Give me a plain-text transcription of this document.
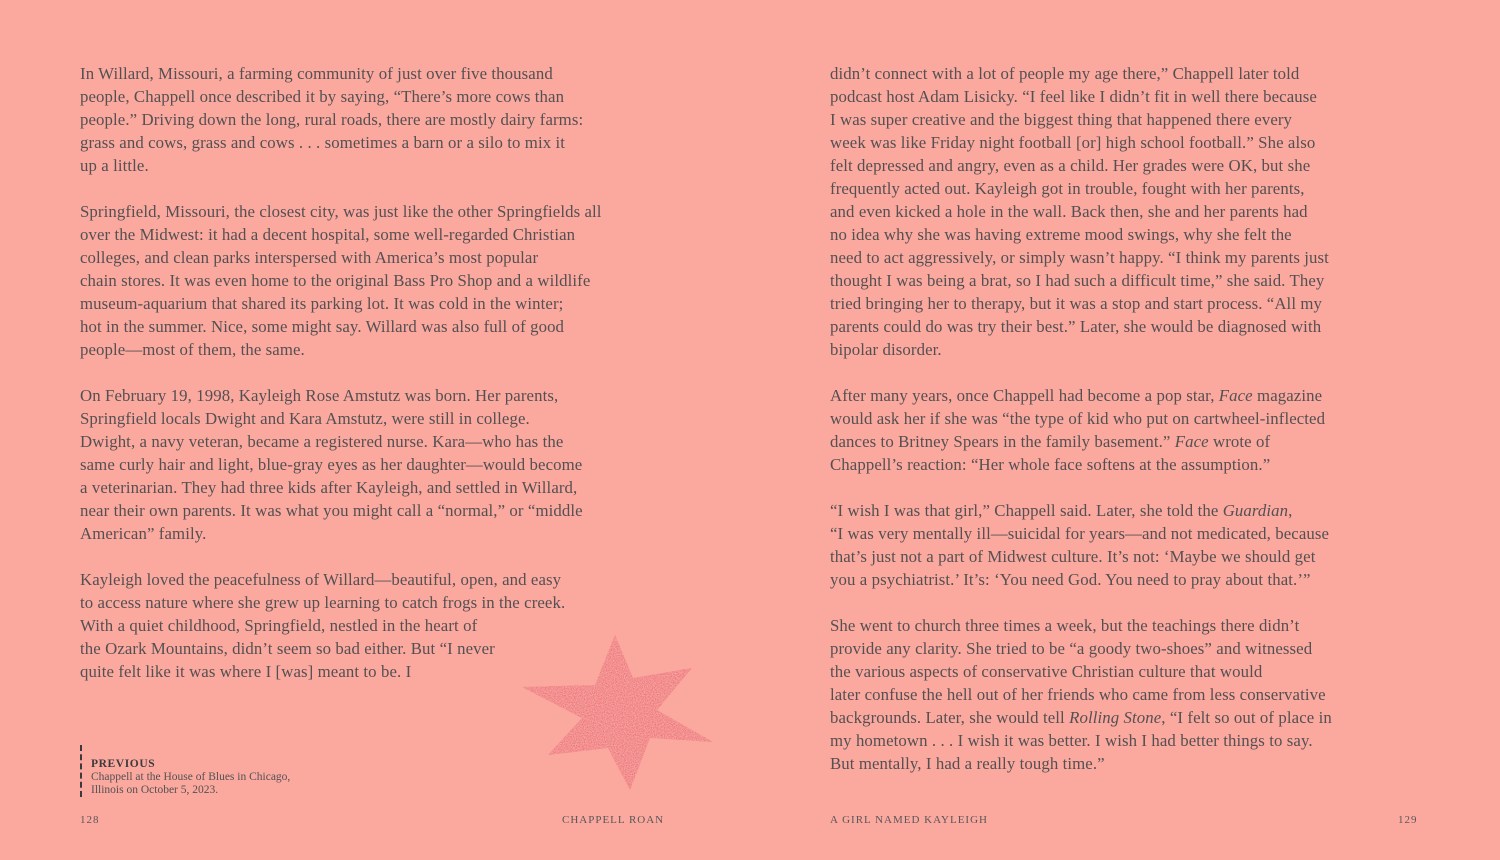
In Willard, Missouri, a farming community of just over five thousand
people, Chappell once described it by saying, “There’s more cows than
people.” Driving down the long, rural roads, there are mostly dairy farms:
grass and cows, grass and cows . . . sometimes a barn or a silo to mix it
up a little.

Springfield, Missouri, the closest city, was just like the other Springfields all
over the Midwest: it had a decent hospital, some well-regarded Christian
colleges, and clean parks interspersed with America’s most popular
chain stores. It was even home to the original Bass Pro Shop and a wildlife
museum-aquarium that shared its parking lot. It was cold in the winter;
hot in the summer. Nice, some might say. Willard was also full of good
people—most of them, the same.

On February 19, 1998, Kayleigh Rose Amstutz was born. Her parents,
Springfield locals Dwight and Kara Amstutz, were still in college.
Dwight, a navy veteran, became a registered nurse. Kara—who has the
same curly hair and light, blue-gray eyes as her daughter—would become
a veterinarian. They had three kids after Kayleigh, and settled in Willard,
near their own parents. It was what you might call a “normal,” or “middle
American” family.

Kayleigh loved the peacefulness of Willard—beautiful, open, and easy
to access nature where she grew up learning to catch frogs in the creek.
With a quiet childhood, Springfield, nestled in the heart of
the Ozark Mountains, didn’t seem so bad either. But “I never
quite felt like it was where I [was] meant to be. I

PREVIOUS
Chappell at the House of Blues in Chicago,
Illinois on October 5, 2023.

128	CHAPPELL ROAN

didn’t connect with a lot of people my age there,” Chappell later told
podcast host Adam Lisicky. “I feel like I didn’t fit in well there because
I was super creative and the biggest thing that happened there every
week was like Friday night football [or] high school football.” She also
felt depressed and angry, even as a child. Her grades were OK, but she
frequently acted out. Kayleigh got in trouble, fought with her parents,
and even kicked a hole in the wall. Back then, she and her parents had
no idea why she was having extreme mood swings, why she felt the
need to act aggressively, or simply wasn’t happy. “I think my parents just
thought I was being a brat, so I had such a difficult time,” she said. They
tried bringing her to therapy, but it was a stop and start process. “All my
parents could do was try their best.” Later, she would be diagnosed with
bipolar disorder.

After many years, once Chappell had become a pop star, Face magazine
would ask her if she was “the type of kid who put on cartwheel-inflected
dances to Britney Spears in the family basement.” Face wrote of
Chappell’s reaction: “Her whole face softens at the assumption.”

“I wish I was that girl,” Chappell said. Later, she told the Guardian,
“I was very mentally ill—suicidal for years—and not medicated, because
that’s just not a part of Midwest culture. It’s not: ‘Maybe we should get
you a psychiatrist.’ It’s: ‘You need God. You need to pray about that.’”

She went to church three times a week, but the teachings there didn’t
provide any clarity. She tried to be “a goody two-shoes” and witnessed
the various aspects of conservative Christian culture that would
later confuse the hell out of her friends who came from less conservative
backgrounds. Later, she would tell Rolling Stone, “I felt so out of place in
my hometown . . . I wish it was better. I wish I had better things to say.
But mentally, I had a really tough time.”

A GIRL NAMED KAYLEIGH	129
